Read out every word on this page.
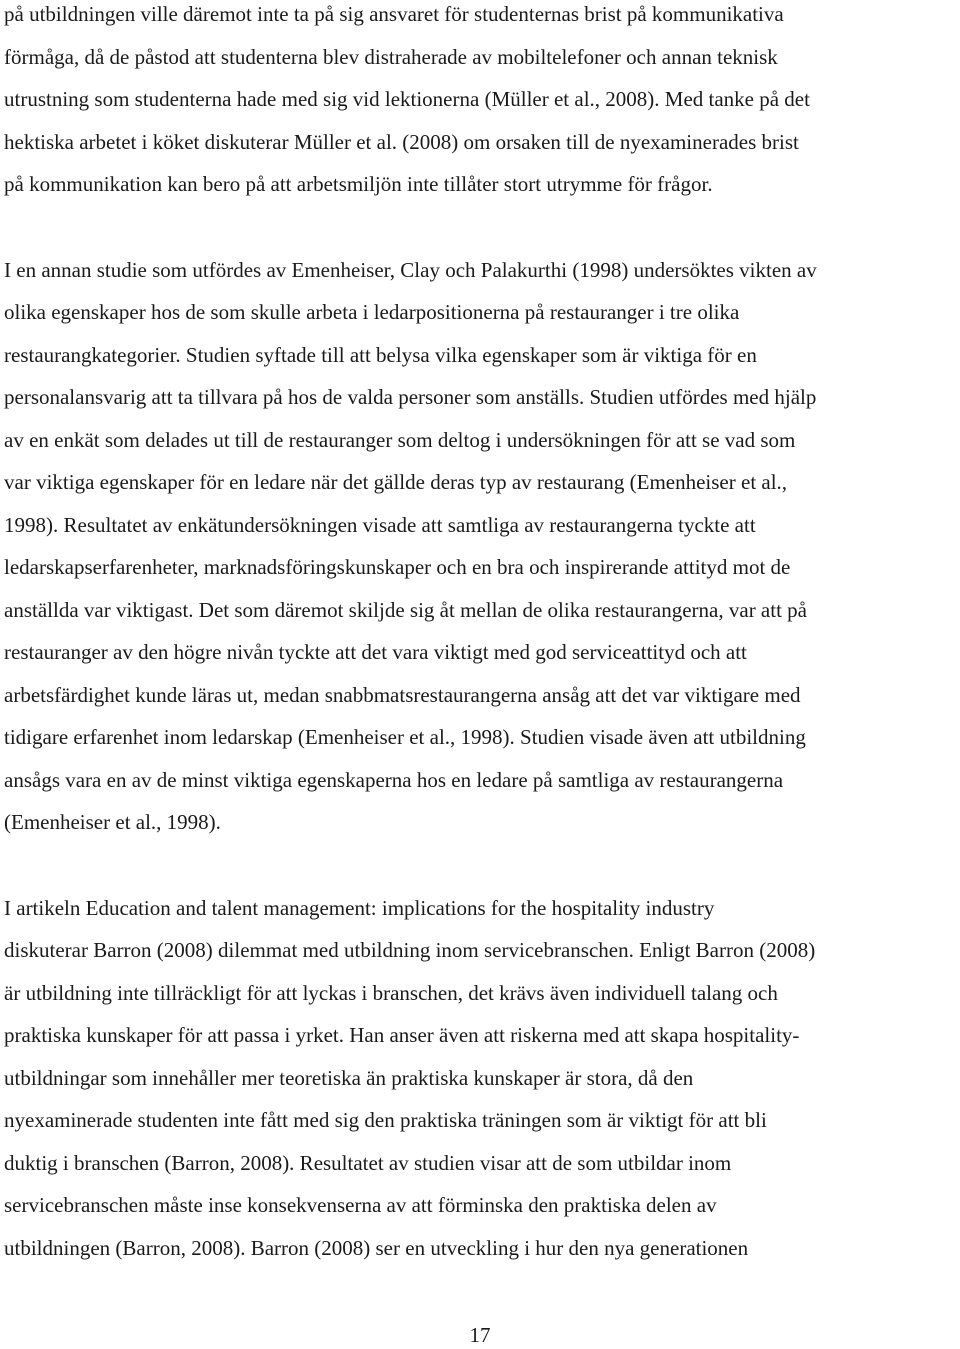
på utbildningen ville däremot inte ta på sig ansvaret för studenternas brist på kommunikativa
förmåga, då de påstod att studenterna blev distraherade av mobiltelefoner och annan teknisk
utrustning som studenterna hade med sig vid lektionerna (Müller et al., 2008). Med tanke på det
hektiska arbetet i köket diskuterar Müller et al. (2008) om orsaken till de nyexaminerades brist
på kommunikation kan bero på att arbetsmiljön inte tillåter stort utrymme för frågor.
I en annan studie som utfördes av Emenheiser, Clay och Palakurthi (1998) undersöktes vikten av
olika egenskaper hos de som skulle arbeta i ledarpositionerna på restauranger i tre olika
restaurangkategorier. Studien syftade till att belysa vilka egenskaper som är viktiga för en
personalansvarig att ta tillvara på hos de valda personer som anställs. Studien utfördes med hjälp
av en enkät som delades ut till de restauranger som deltog i undersökningen för att se vad som
var viktiga egenskaper för en ledare när det gällde deras typ av restaurang (Emenheiser et al.,
1998). Resultatet av enkätundersökningen visade att samtliga av restaurangerna tyckte att
ledarskapserfarenheter, marknadsföringskunskaper och en bra och inspirerande attityd mot de
anställda var viktigast. Det som däremot skiljde sig åt mellan de olika restaurangerna, var att på
restauranger av den högre nivån tyckte att det vara viktigt med god serviceattityd och att
arbetsfärdighet kunde läras ut, medan snabbmatsrestaurangerna ansåg att det var viktigare med
tidigare erfarenhet inom ledarskap (Emenheiser et al., 1998). Studien visade även att utbildning
ansågs vara en av de minst viktiga egenskaperna hos en ledare på samtliga av restaurangerna
(Emenheiser et al., 1998).
I artikeln Education and talent management: implications for the hospitality industry
diskuterar Barron (2008) dilemmat med utbildning inom servicebranschen. Enligt Barron (2008)
är utbildning inte tillräckligt för att lyckas i branschen, det krävs även individuell talang och
praktiska kunskaper för att passa i yrket. Han anser även att riskerna med att skapa hospitality-
utbildningar som innehåller mer teoretiska än praktiska kunskaper är stora, då den
nyexaminerade studenten inte fått med sig den praktiska träningen som är viktigt för att bli
duktig i branschen (Barron, 2008). Resultatet av studien visar att de som utbildar inom
servicebranschen måste inse konsekvenserna av att förminska den praktiska delen av
utbildningen (Barron, 2008). Barron (2008) ser en utveckling i hur den nya generationen
17
